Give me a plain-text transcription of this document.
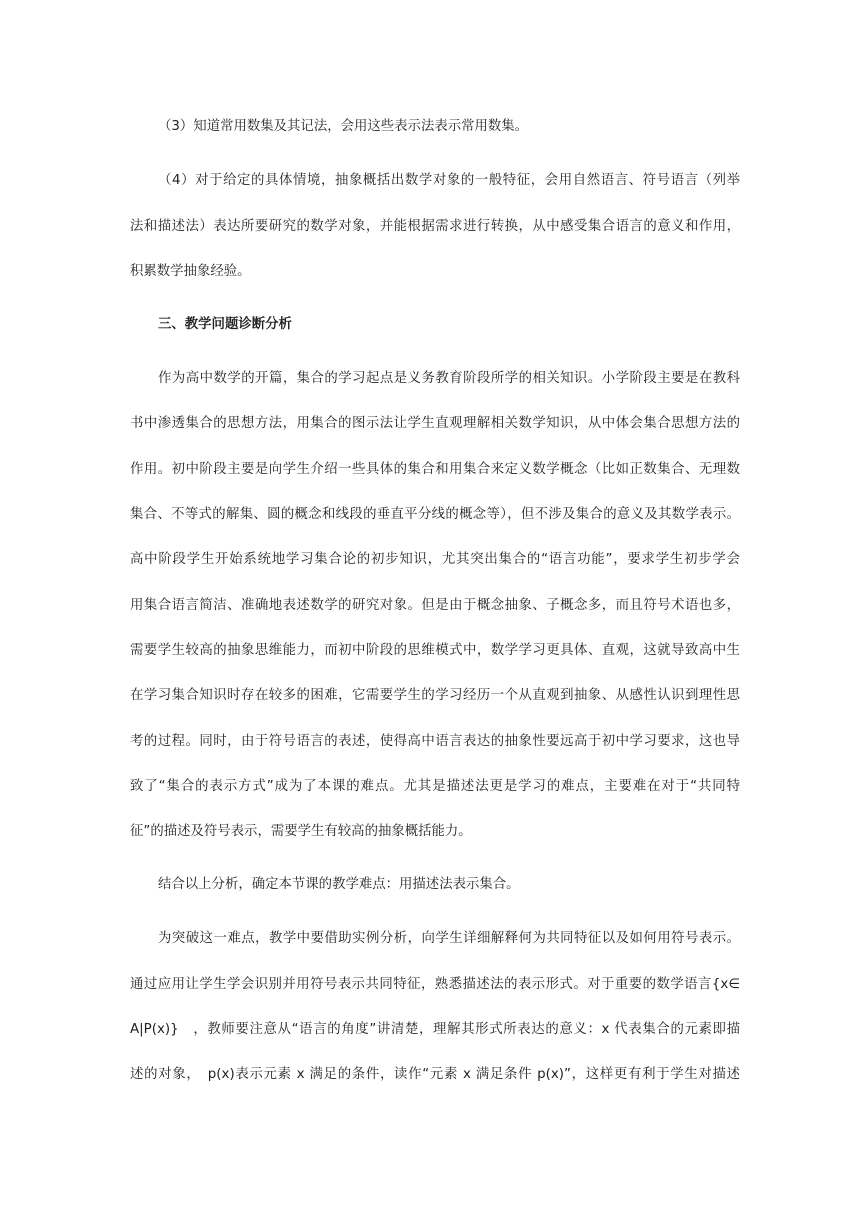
（3）知道常用数集及其记法，会用这些表示法表示常用数集。
（4）对于给定的具体情境，抽象概括出数学对象的一般特征，会用自然语言、符号语言（列举
法和描述法）表达所要研究的数学对象，并能根据需求进行转换，从中感受集合语言的意义和作用，
积累数学抽象经验。
三、教学问题诊断分析
作为高中数学的开篇，集合的学习起点是义务教育阶段所学的相关知识。小学阶段主要是在教科
书中渗透集合的思想方法，用集合的图示法让学生直观理解相关数学知识，从中体会集合思想方法的
作用。初中阶段主要是向学生介绍一些具体的集合和用集合来定义数学概念（比如正数集合、无理数
集合、不等式的解集、圆的概念和线段的垂直平分线的概念等），但不涉及集合的意义及其数学表示。
高中阶段学生开始系统地学习集合论的初步知识，尤其突出集合的“语言功能”，要求学生初步学会
用集合语言简洁、准确地表述数学的研究对象。但是由于概念抽象、子概念多，而且符号术语也多，
需要学生较高的抽象思维能力，而初中阶段的思维模式中，数学学习更具体、直观，这就导致高中生
在学习集合知识时存在较多的困难，它需要学生的学习经历一个从直观到抽象、从感性认识到理性思
考的过程。同时，由于符号语言的表述，使得高中语言表达的抽象性要远高于初中学习要求，这也导
致了“集合的表示方式”成为了本课的难点。尤其是描述法更是学习的难点，主要难在对于“共同特
征”的描述及符号表示，需要学生有较高的抽象概括能力。
结合以上分析，确定本节课的教学难点：用描述法表示集合。
为突破这一难点，教学中要借助实例分析，向学生详细解释何为共同特征以及如何用符号表示。
通过应用让学生学会识别并用符号表示共同特征，熟悉描述法的表示形式。对于重要的数学语言{x∈
A|P(x)}　，教师要注意从“语言的角度”讲清楚，理解其形式所表达的意义：x 代表集合的元素即描
述的对象，　p(x)表示元素 x 满足的条件，读作“元素 x 满足条件 p(x)”，这样更有利于学生对描述
